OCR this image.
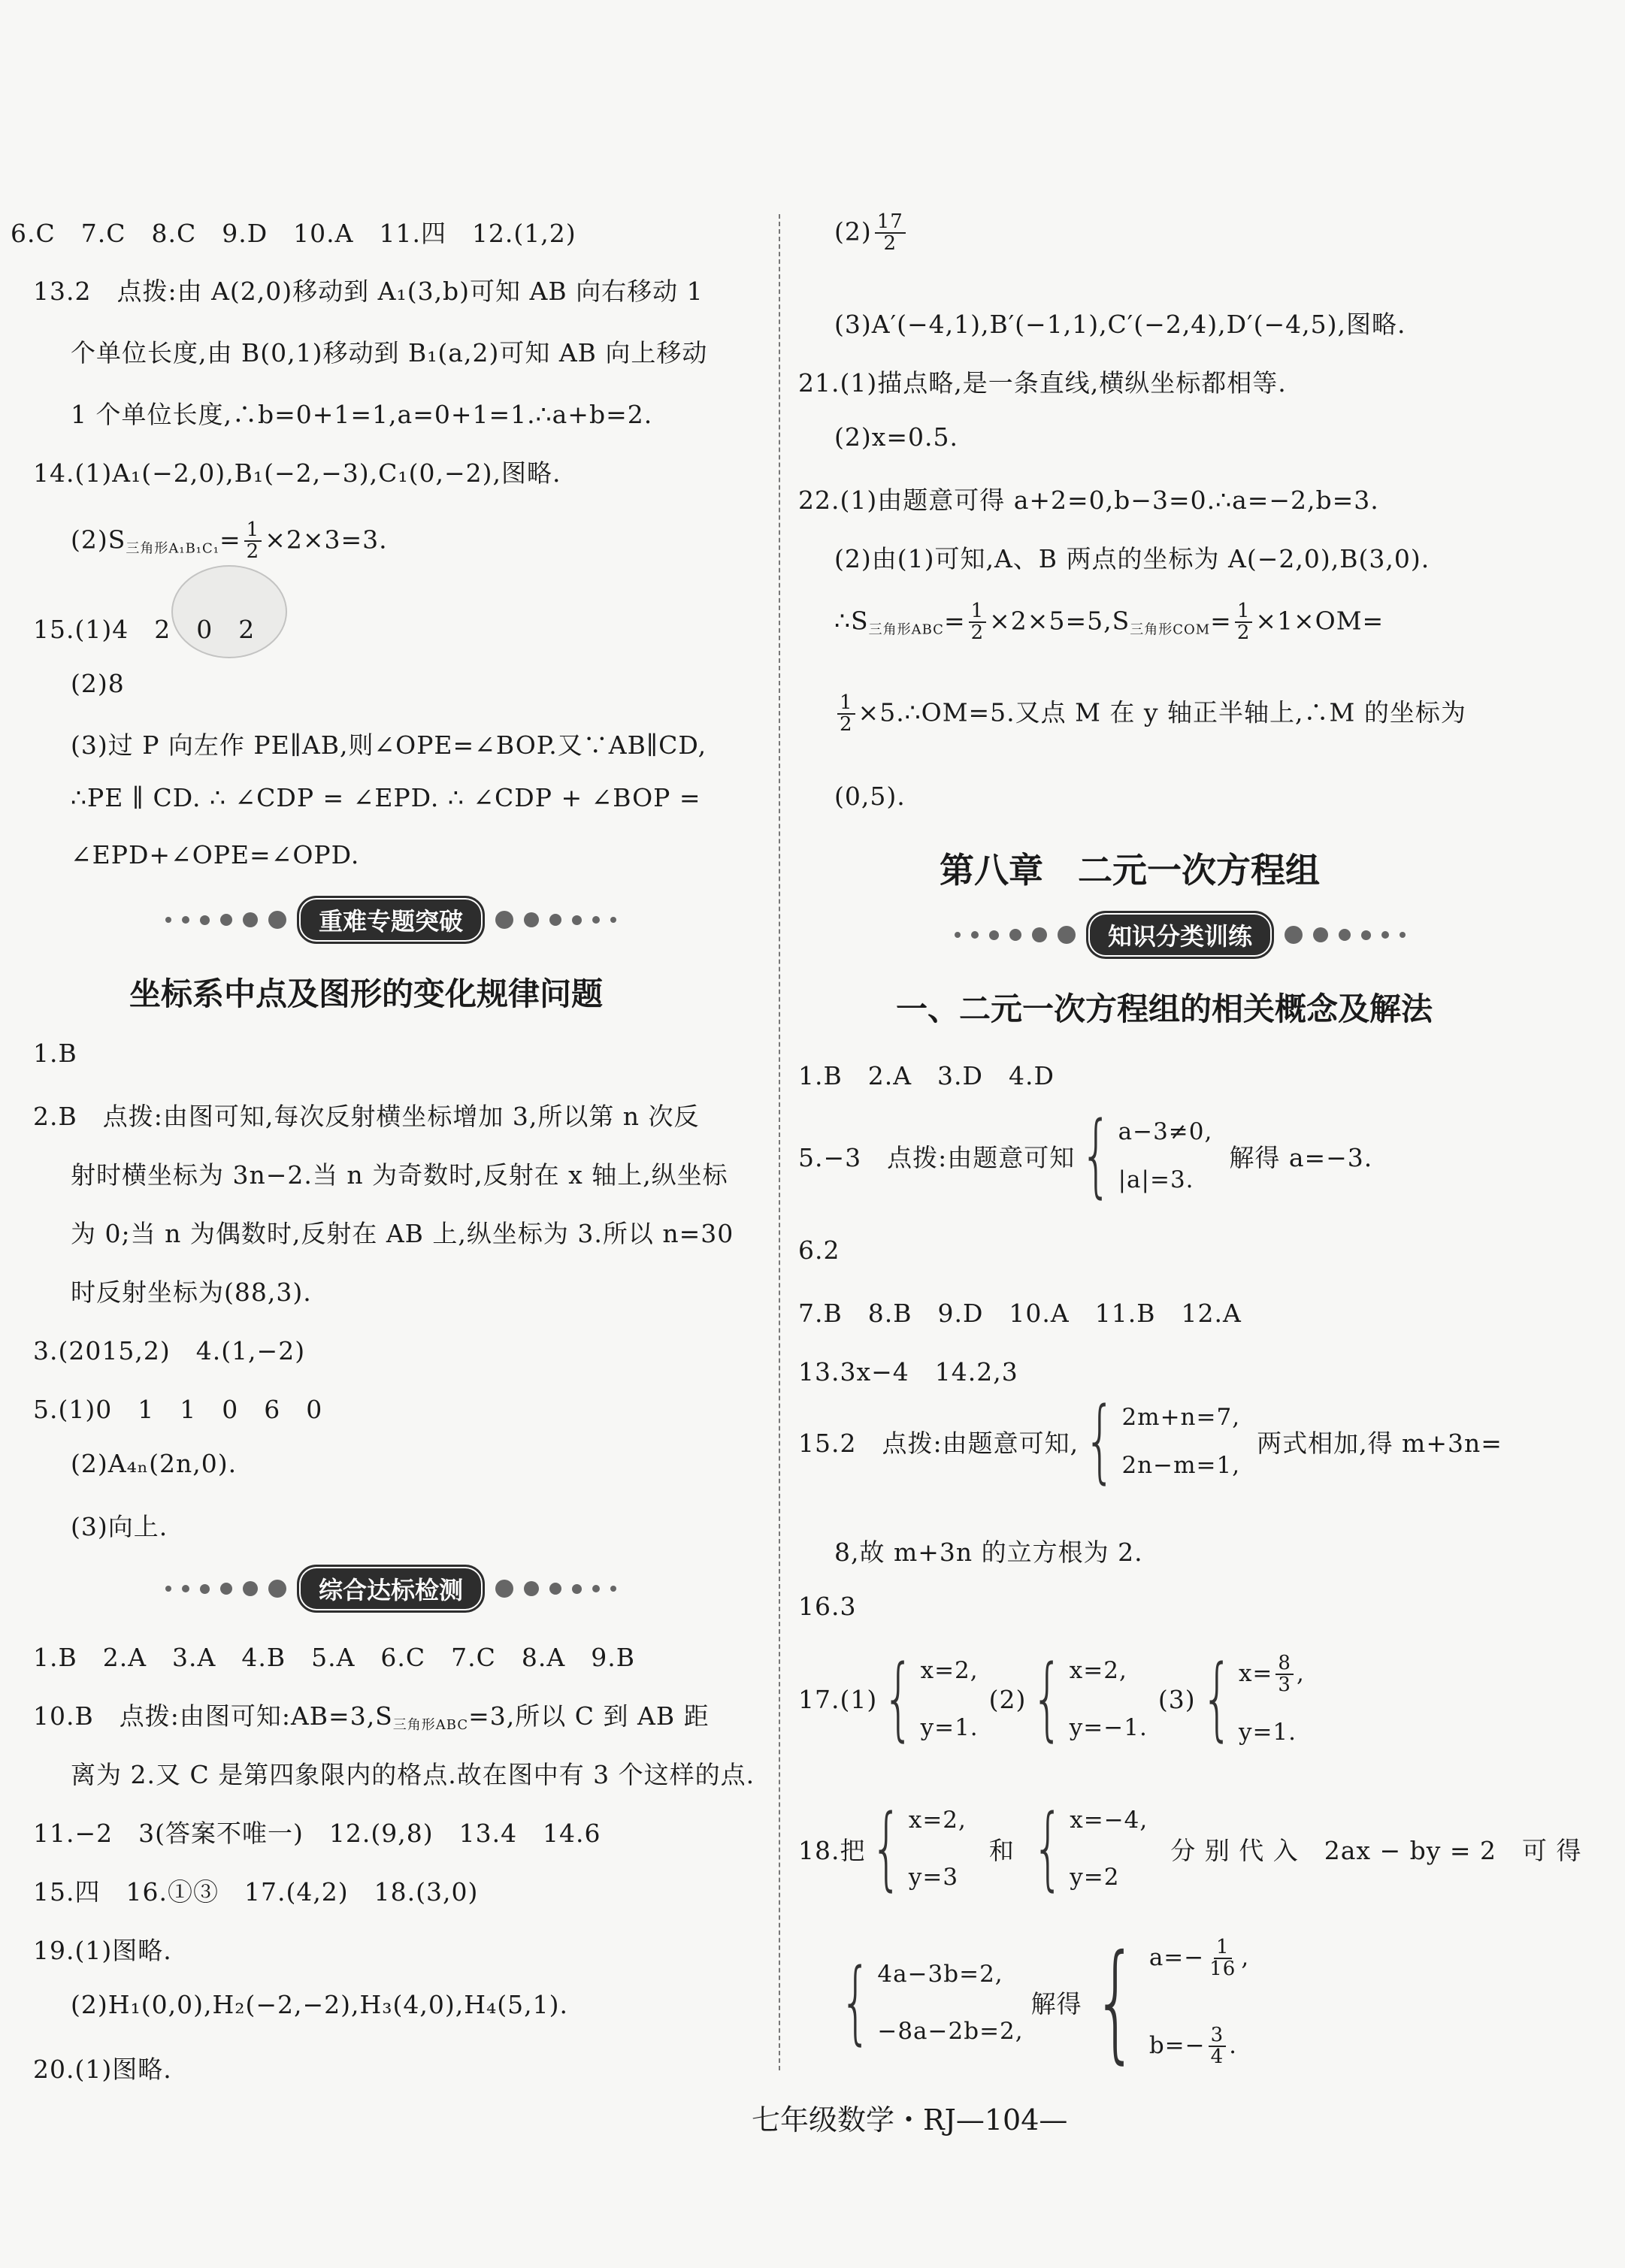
6.C　7.C　8.C　9.D　10.A　11.四　12.(1,2)
13.2　点拨:由 A(2,0)移动到 A₁(3,b)可知 AB 向右移动 1
个单位长度,由 B(0,1)移动到 B₁(a,2)可知 AB 向上移动
1 个单位长度,∴b=0+1=1,a=0+1=1.∴a+b=2.
14.(1)A₁(−2,0),B₁(−2,−3),C₁(0,−2),图略.
(2)S三角形$A_1B_1C_1= \frac{1}{2} \times 2\times 3=3$.
15.(1)4　2　0　2
(2)8
(3)过 P 向左作 PE∥AB,则∠OPE=∠BOP.又∵AB∥CD,
∴PE ∥ CD. ∴ ∠CDP = ∠EPD. ∴ ∠CDP + ∠BOP =
∠EPD+∠OPE=∠OPD.
重难专题突破
坐标系中点及图形的变化规律问题
1.B
2.B　点拨:由图可知,每次反射横坐标增加 3,所以第 n 次反
射时横坐标为 3n−2.当 n 为奇数时,反射在 x 轴上,纵坐标
为 0;当 n 为偶数时,反射在 AB 上,纵坐标为 3.所以 n=30
时反射坐标为(88,3).
3.(2015,2)　4.(1,−2)
5.(1)0　1　1　0　6　0
(2)A₄ₙ(2n,0).
(3)向上.
综合达标检测
1.B　2.A　3.A　4.B　5.A　6.C　7.C　8.A　9.B
10.B　点拨:由图可知:AB=3,S三角形ABC=3,所以 C 到 AB 距
离为 2.又 C 是第四象限内的格点.故在图中有 3 个这样的点.
11.−2　3(答案不唯一)　12.(9,8)　13.4　14.6
15.四　16.①③　17.(4,2)　18.(3,0)
19.(1)图略.
(2)H₁(0,0),H₂(−2,−2),H₃(4,0),H₄(5,1).
20.(1)图略.
$(2) \frac{17}{2}$
(3)A′(−4,1),B′(−1,1),C′(−2,4),D′(−4,5),图略.
21.(1)描点略,是一条直线,横纵坐标都相等.
(2)x=0.5.
22.(1)由题意可得 a+2=0,b−3=0.∴a=−2,b=3.
(2)由(1)可知,A、B 两点的坐标为 A(−2,0),B(3,0).
∴S三角形$ABC= \frac{1}{2} \times 2\times 5=5,S$三角形$COM= \frac{1}{2} \times 1\times OM=$
$\frac{1}{2}$ ×5.∴OM=5.又点 M 在 y 轴正半轴上,∴M 的坐标为
(0,5).
第八章　二元一次方程组
知识分类训练
一、二元一次方程组的相关概念及解法
1.B　2.A　3.D　4.D
5.−3　点拨:由题意可知 { a−3≠0,
|a|=3.
解得 a=−3.
6.2
7.B　8.B　9.D　10.A　11.B　12.A
13.3x−4　14.2,3
15.2　点拨:由题意可知, { 2m+n=7,
2n−m=1,
两式相加,得 m+3n=
8,故 m+3n 的立方根为 2.
16.3
17.(1) { x=2,
y=1.
(2) { x=2,
y=−1.
(3) { $x= \frac{8}{3}$ ,
y=1.
18.把 { x=2,
y=3
和 { x=−4,
y=2
分 别 代 入　2ax − by = 2　可 得
{ 4a−3b=2,
−8a−2b=2,
解得 { $a=- \frac{1}{16}$ ,
$b=- \frac{3}{4}$ .
七年级数学・RJ—104—
